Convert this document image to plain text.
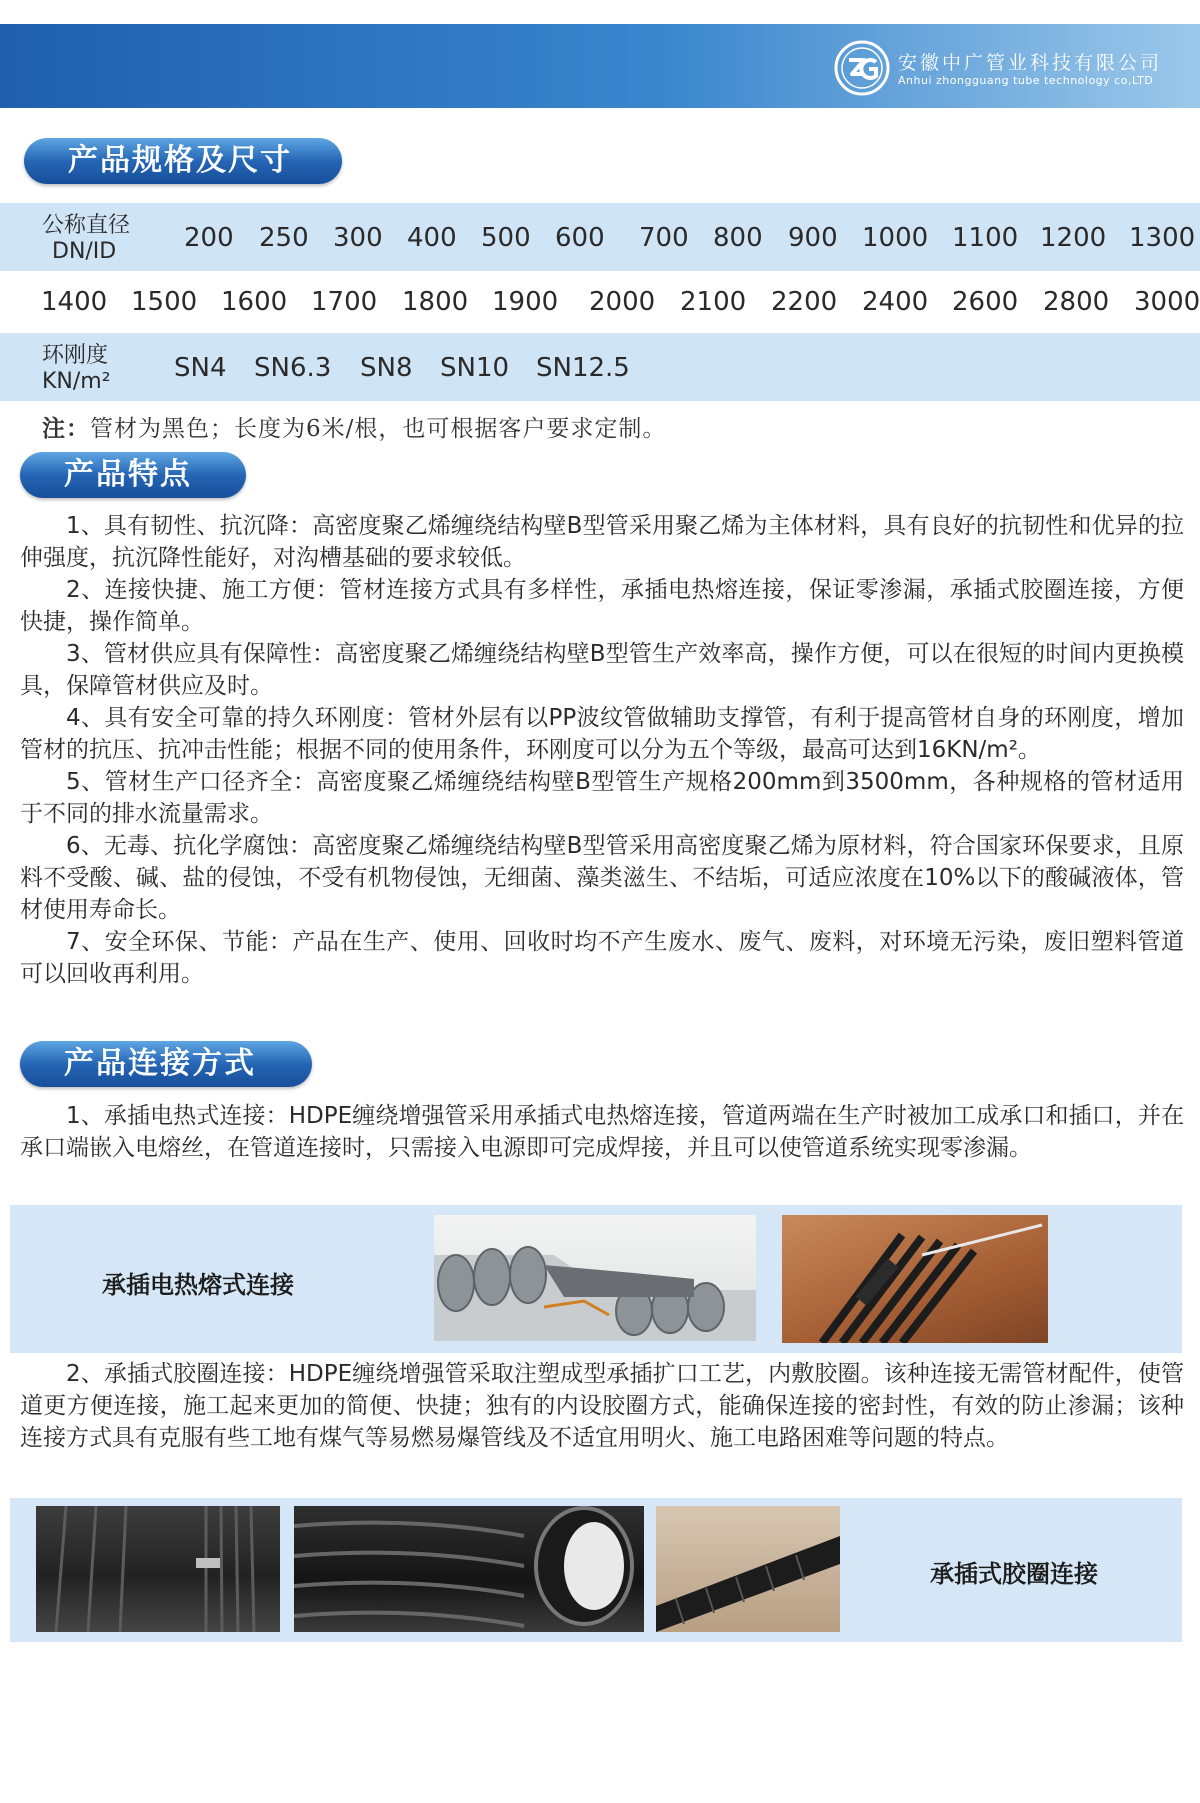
安徽中广管业科技有限公司
Anhui zhongguang tube technology co,LTD
产品规格及尺寸
公称直径
DN/ID	200 250 300 400 500 600 700 800 900 1000 1100 1200 1300
1400 1500 1600 1700 1800 1900 2000 2100 2200 2400 2600 2800 3000
环刚度
KN/m² SN4 SN6.3 SN8 SN10 SN12.5
注：管材为黑色；长度为6米/根，也可根据客户要求定制。
产品特点

1、具有韧性、抗沉降：高密度聚乙烯缠绕结构壁B型管采用聚乙烯为主体材料，具有良好的抗韧性和优异的拉伸强度，抗沉降性能好，对沟槽基础的要求较低。

2、连接快捷、施工方便：管材连接方式具有多样性，承插电热熔连接，保证零渗漏，承插式胶圈连接，方便快捷，操作简单。

3、管材供应具有保障性：高密度聚乙烯缠绕结构壁B型管生产效率高，操作方便，可以在很短的时间内更换模具，保障管材供应及时。

4、具有安全可靠的持久环刚度：管材外层有以PP波纹管做辅助支撑管，有利于提高管材自身的环刚度，增加管材的抗压、抗冲击性能；根据不同的使用条件，环刚度可以分为五个等级，最高可达到16KN/m²。

5、管材生产口径齐全：高密度聚乙烯缠绕结构壁B型管生产规格200mm到3500mm，各种规格的管材适用于不同的排水流量需求。

6、无毒、抗化学腐蚀：高密度聚乙烯缠绕结构壁B型管采用高密度聚乙烯为原材料，符合国家环保要求，且原料不受酸、碱、盐的侵蚀，不受有机物侵蚀，无细菌、藻类滋生、不结垢，可适应浓度在10%以下的酸碱液体，管材使用寿命长。

7、安全环保、节能：产品在生产、使用、回收时均不产生废水、废气、废料，对环境无污染，废旧塑料管道可以回收再利用。

产品连接方式

1、承插电热式连接：HDPE缠绕增强管采用承插式电热熔连接，管道两端在生产时被加工成承口和插口，并在承口端嵌入电熔丝，在管道连接时，只需接入电源即可完成焊接，并且可以使管道系统实现零渗漏。

承插电热熔式连接

2、承插式胶圈连接：HDPE缠绕增强管采取注塑成型承插扩口工艺，内敷胶圈。该种连接无需管材配件，使管道更方便连接，施工起来更加的简便、快捷；独有的内设胶圈方式，能确保连接的密封性，有效的防止渗漏；该种连接方式具有克服有些工地有煤气等易燃易爆管线及不适宜用明火、施工电路困难等问题的特点。

承插式胶圈连接
